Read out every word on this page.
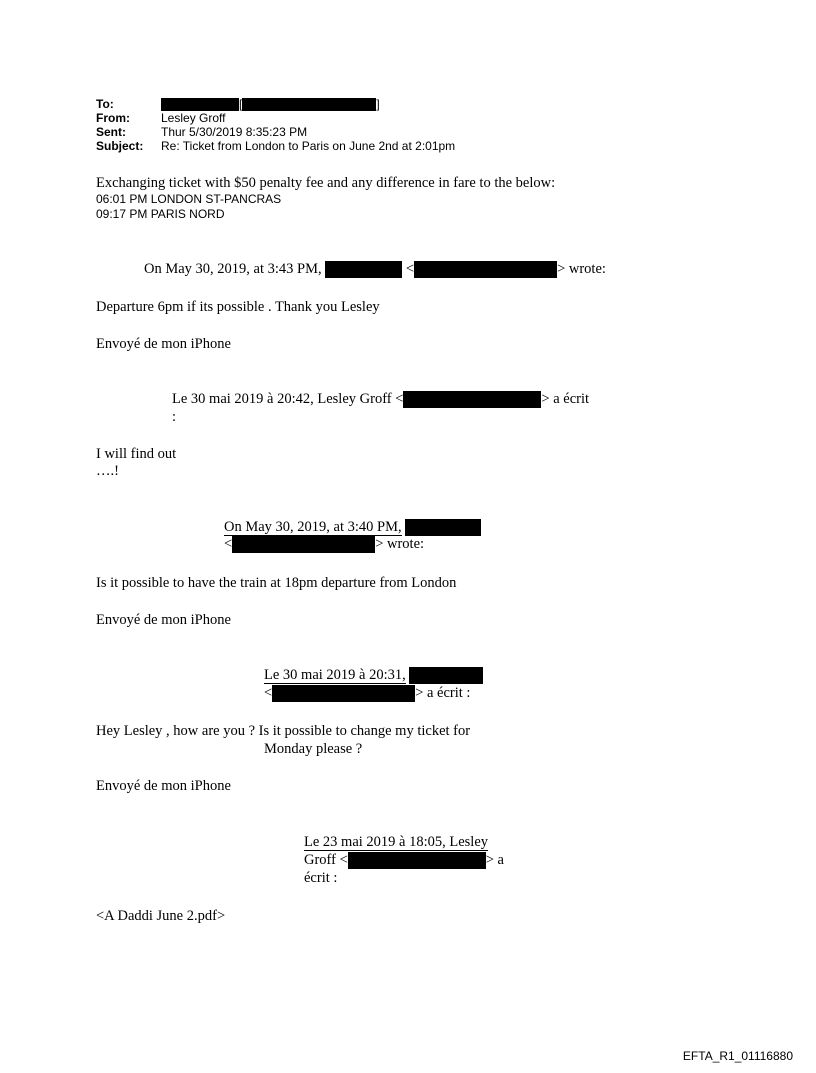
To:	[	]
From:	Lesley Groff
Sent:	Thur 5/30/2019 8:35:23 PM
Subject: Re: Ticket from London to Paris on June 2nd at 2:01pm
Exchanging ticket with $50 penalty fee and any difference in fare to the below:
06:01 PM LONDON ST-PANCRAS
09:17 PM PARIS NORD
On May 30, 2019, at 3:43 PM,	<	> wrote:
Departure 6pm if its possible . Thank you Lesley
Envoyé de mon iPhone
Le 30 mai 2019 à 20:42, Lesley Groff <	> a écrit
:
I will find out
….!
On May 30, 2019, at 3:40 PM,
<	> wrote:
Is it possible to have the train at 18pm departure from London
Envoyé de mon iPhone
Le 30 mai 2019 à 20:31,
<	> a écrit :
Hey Lesley , how are you ? Is it possible to change my ticket for
Monday please ?
Envoyé de mon iPhone
Le 23 mai 2019 à 18:05, Lesley
Groff <	> a
écrit :
<A Daddi June 2.pdf>
EFTA_R1_01116880
